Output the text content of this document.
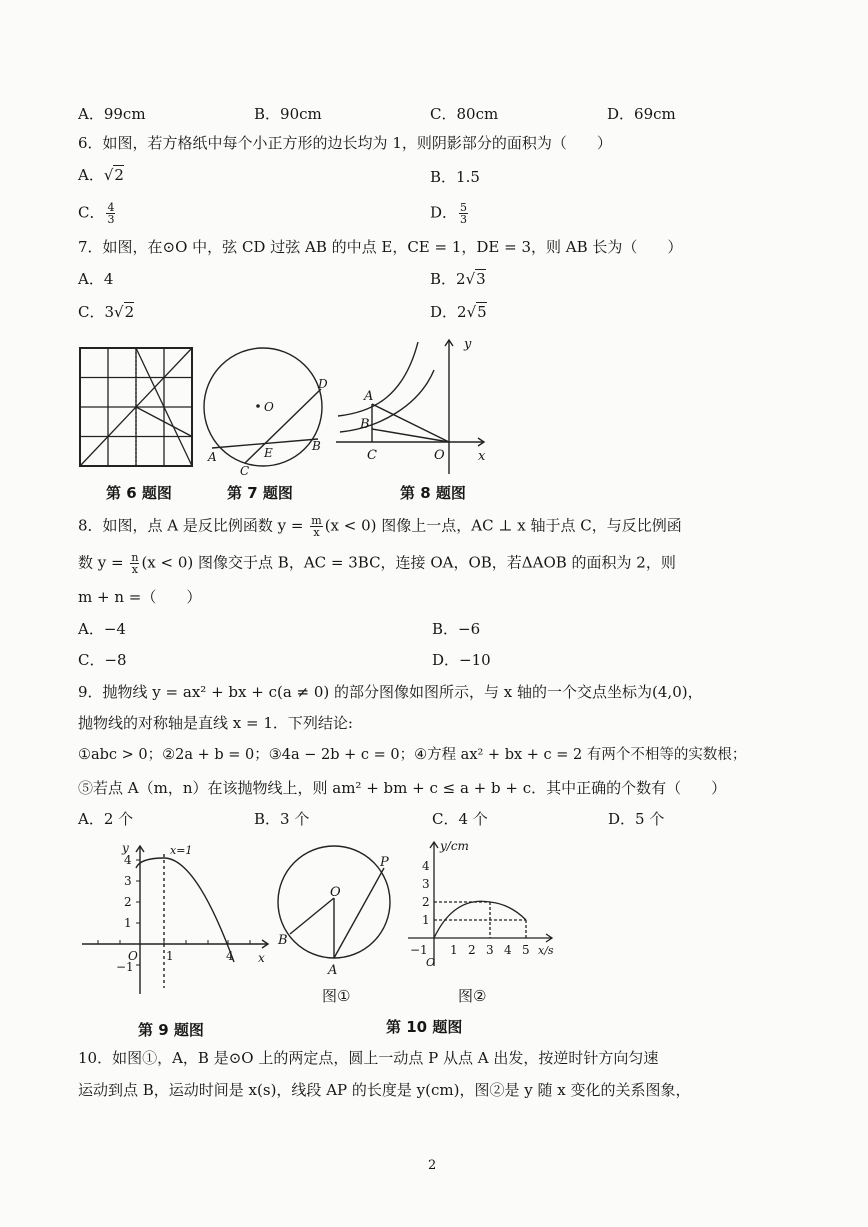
A．99cm	B．90cm	C．80cm	D．69cm
6．如图，若方格纸中每个小正方形的边长均为 1，则阴影部分的面积为（　　）
A．√2	B．1.5
C． $\frac{4}{3}$	D． $\frac{5}{3}$
7．如图，在⊙O 中，弦 CD 过弦 AB 的中点 E，CE = 1，DE = 3，则 AB 长为（　　）
A．4	B．2√3
C．3√2	D．2√5
第 6 题图
O
A
B
C
D
E
第 7 题图
y
x
A
B
C	O
第 8 题图
8．如图，点 A 是反比例函数 $y = \frac{m}{x} (x < 0)$ 图像上一点，AC ⊥ x 轴于点 C，与反比例函
数 $y = \frac{n}{x} (x < 0)$ 图像交于点 B，AC = 3BC，连接 OA，OB，若ΔAOB 的面积为 2，则
m + n =（　　）
A．−4	B．−6
C．−8	D．−10
9．抛物线 y = ax² + bx + c(a ≠ 0) 的部分图像如图所示，与 x 轴的一个交点坐标为(4,0)，
抛物线的对称轴是直线 x = 1．下列结论:
①abc > 0；②2a + b = 0；③4a − 2b + c = 0；④方程 ax² + bx + c = 2 有两个不相等的实数根；
⑤若点 A（m，n）在该抛物线上，则 am² + bm + c ≤ a + b + c．其中正确的个数有（　　）
A．2 个	B．3 个	C．4 个	D．5 个
y
x
4
3
2
1
−1
O 1	4
x=1
第 9 题图
O
P
A
B
图①
y/cm
x/s
4
3
2
1
−1
O
1 2 3 4 5
图②
第 10 题图
10．如图①，A，B 是⊙O 上的两定点，圆上一动点 P 从点 A 出发，按逆时针方向匀速
运动到点 B，运动时间是 x(s)，线段 AP 的长度是 y(cm)，图②是 y 随 x 变化的关系图象，
2
